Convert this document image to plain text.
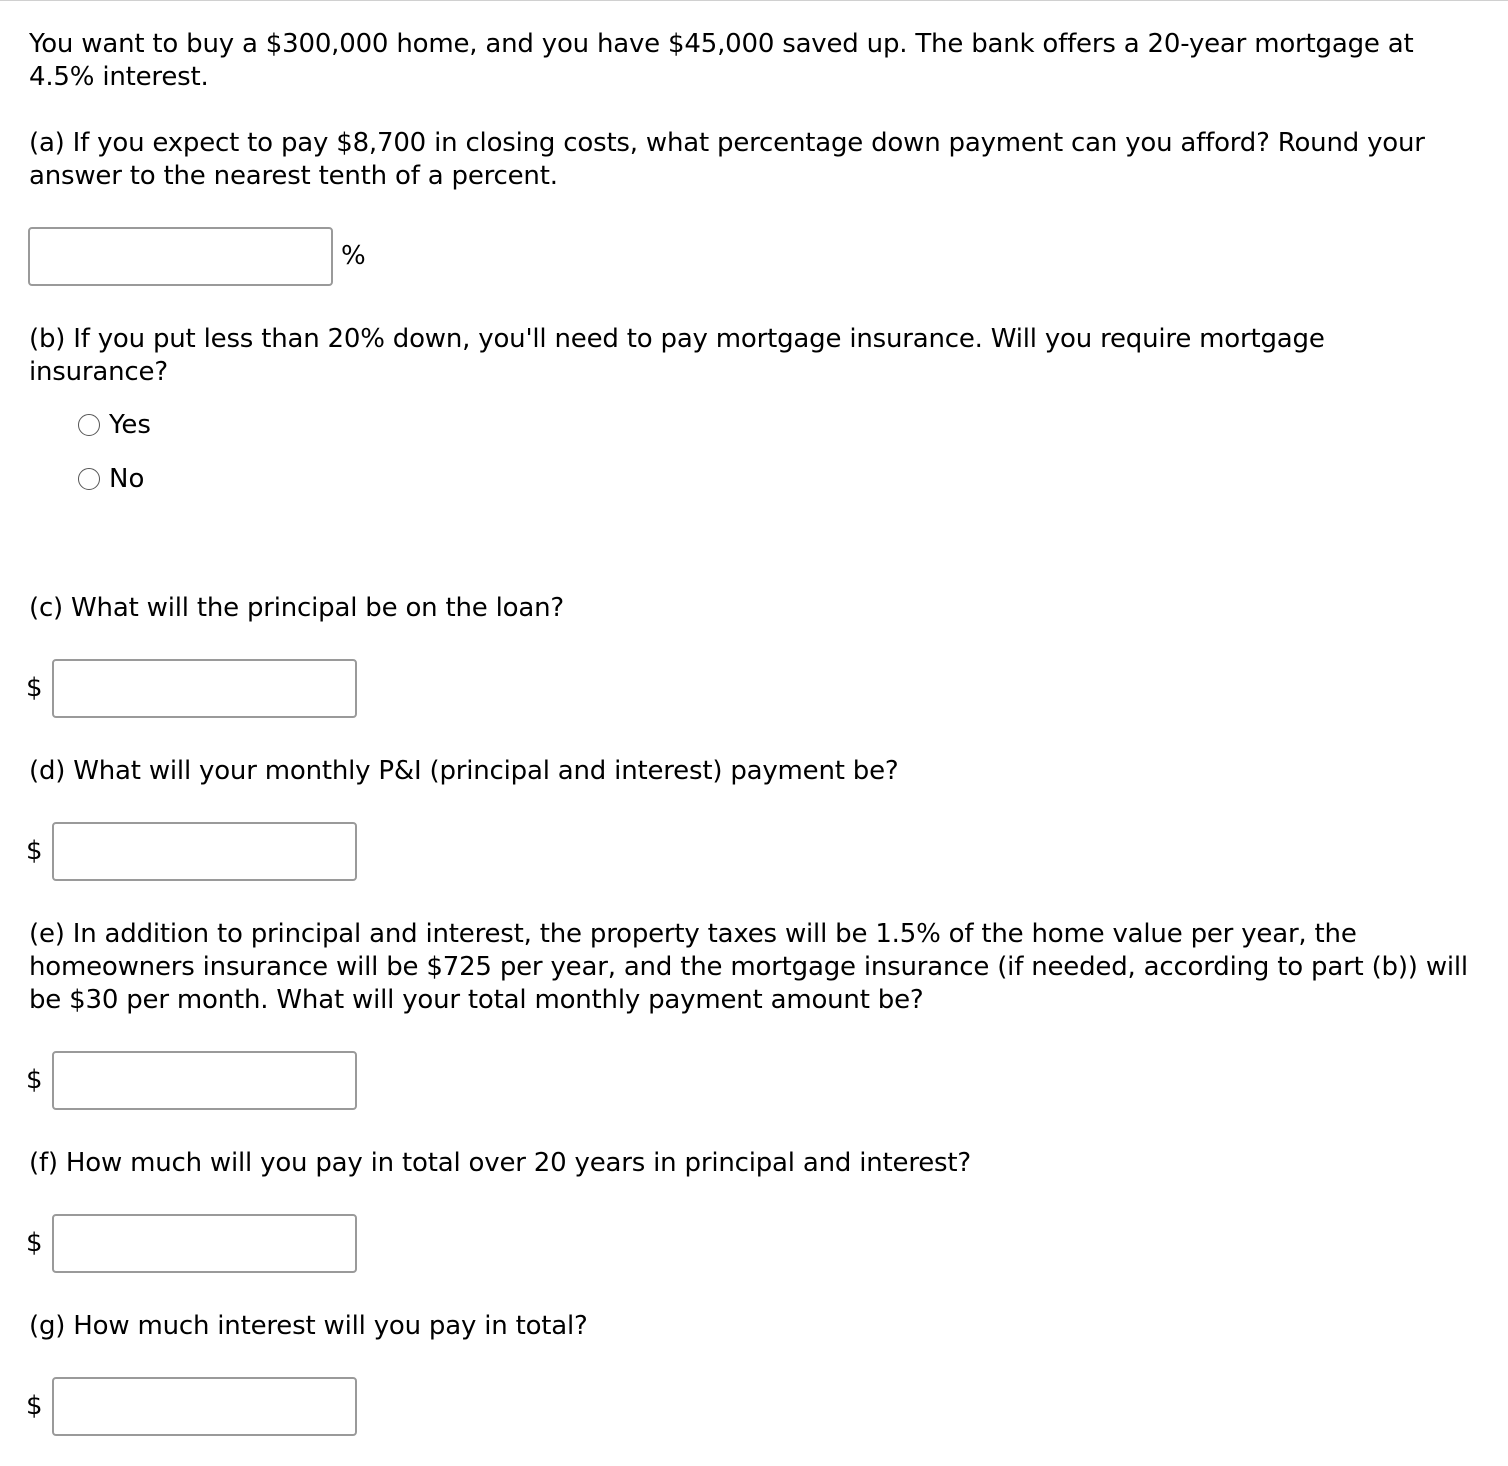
You want to buy a $300,000 home, and you have $45,000 saved up. The bank offers a 20-year mortgage at 4.5% interest.
(a) If you expect to pay $8,700 in closing costs, what percentage down payment can you afford? Round your answer to the nearest tenth of a percent.
%
(b) If you put less than 20% down, you'll need to pay mortgage insurance. Will you require mortgage insurance?
Yes
No
(c) What will the principal be on the loan?
$
(d) What will your monthly P&I (principal and interest) payment be?
$
(e) In addition to principal and interest, the property taxes will be 1.5% of the home value per year, the homeowners insurance will be $725 per year, and the mortgage insurance (if needed, according to part (b)) will be $30 per month. What will your total monthly payment amount be?
$
(f) How much will you pay in total over 20 years in principal and interest?
$
(g) How much interest will you pay in total?
$
